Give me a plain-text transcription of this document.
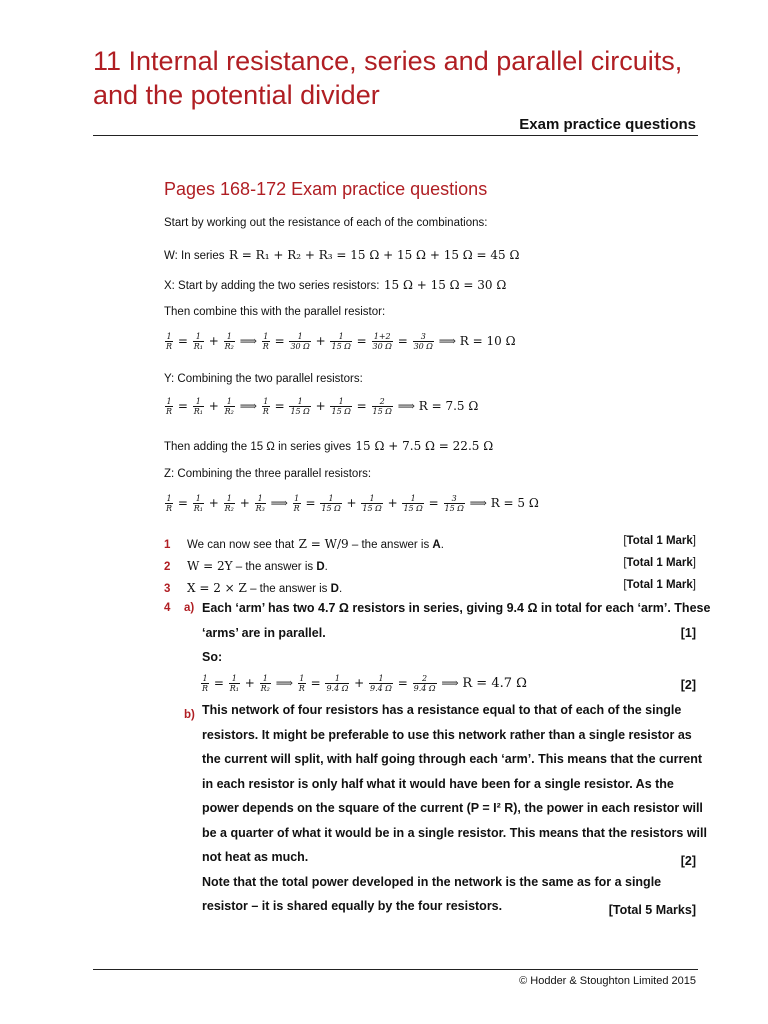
11 Internal resistance, series and parallel circuits, and the potential divider
Exam practice questions
Pages 168-172 Exam practice questions
Start by working out the resistance of each of the combinations:
W: In series R = R₁ + R₂ + R₃ = 15 Ω + 15 Ω + 15 Ω = 45 Ω
X: Start by adding the two series resistors: 15 Ω + 15 Ω = 30 Ω
Then combine this with the parallel resistor:
$\frac{1}{R} = \frac{1}{\text{R₁}} + \frac{1}{\text{R₂}}$ ⟹ $\frac{1}{R} = \frac{1}{30 \Omega} + \frac{1}{15 \Omega} = \frac{1+2}{30 \Omega} = \frac{3}{30 \Omega}$ ⟹ R = 10 Ω
Y: Combining the two parallel resistors:
$\frac{1}{R} = \frac{1}{\text{R₁}} + \frac{1}{\text{R₂}}$ ⟹ $\frac{1}{R} = \frac{1}{15 \Omega} + \frac{1}{15 \Omega} = \frac{2}{15 \Omega}$ ⟹ R = 7.5 Ω
Then adding the 15 Ω in series gives 15 Ω + 7.5 Ω = 22.5 Ω
Z: Combining the three parallel resistors:
$\frac{1}{R} = \frac{1}{\text{R₁}} + \frac{1}{\text{R₂}} + \frac{1}{\text{R₃}}$ ⟹ $\frac{1}{R} = \frac{1}{15 \Omega} + \frac{1}{15 \Omega} + \frac{1}{15 \Omega} = \frac{3}{15 \Omega}$ ⟹ R = 5 Ω
1 We can now see that Z = W/9 – the answer is A.	[Total 1 Mark]
2 W = 2Y – the answer is D.	[Total 1 Mark]
3 X = 2 × Z – the answer is D.	[Total 1 Mark]
4 a) Each ‘arm’ has two 4.7 Ω resistors in series, giving 9.4 Ω in total for each ‘arm’. These
‘arms’ are in parallel.	[1]
So:
$\frac{1}{R} = \frac{1}{\text{R₁}} + \frac{1}{\text{R₂}}$ ⟹ $\frac{1}{R} = \frac{1}{9.4 \Omega} + \frac{1}{9.4 \Omega} = \frac{2}{9.4 \Omega}$ ⟹ R = 4.7 Ω	[2]
b) This network of four resistors has a resistance equal to that of each of the single
resistors. It might be preferable to use this network rather than a single resistor as
the current will split, with half going through each ‘arm’. This means that the current
in each resistor is only half what it would have been for a single resistor. As the
power depends on the square of the current (P = I² R), the power in each resistor will
be a quarter of what it would be in a single resistor. This means that the resistors will
not heat as much.
Note that the total power developed in the network is the same as for a single
resistor – it is shared equally by the four resistors.
[2]
[Total 5 Marks]
© Hodder & Stoughton Limited 2015
